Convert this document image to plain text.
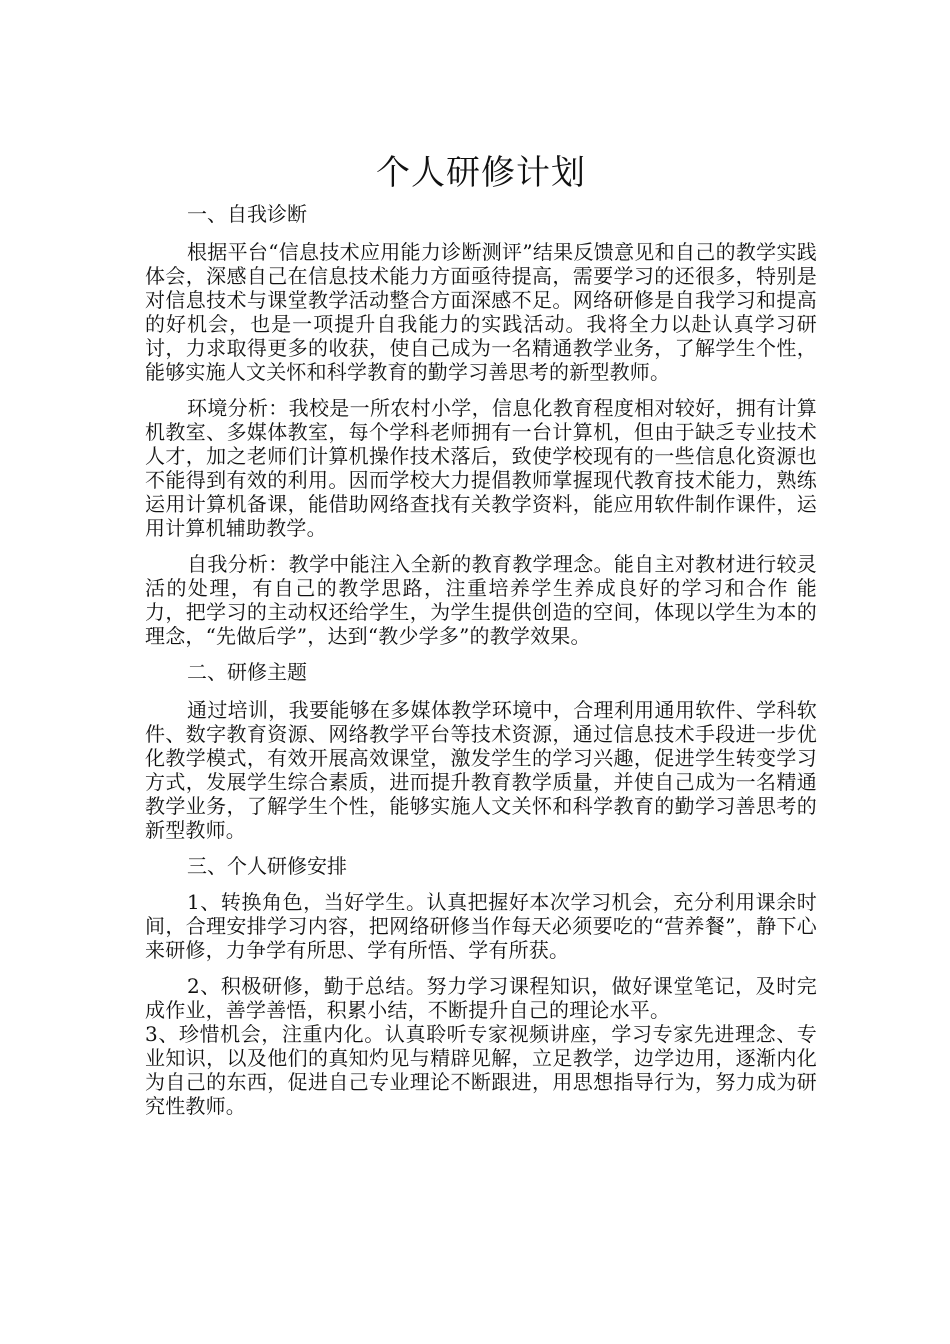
个人研修计划
一、自我诊断

根据平台“信息技术应用能力诊断测评”结果反馈意见和自己的教学实践体会，深感自己在信息技术能力方面亟待提高，需要学习的还很多，特别是对信息技术与课堂教学活动整合方面深感不足。网络研修是自我学习和提高的好机会，也是一项提升自我能力的实践活动。我将全力以赴认真学习研讨，力求取得更多的收获，使自己成为一名精通教学业务，了解学生个性，能够实施人文关怀和科学教育的勤学习善思考的新型教师。

环境分析：我校是一所农村小学，信息化教育程度相对较好，拥有计算机教室、多媒体教室，每个学科老师拥有一台计算机，但由于缺乏专业技术人才，加之老师们计算机操作技术落后，致使学校现有的一些信息化资源也不能得到有效的利用。因而学校大力提倡教师掌握现代教育技术能力，熟练运用计算机备课，能借助网络查找有关教学资料，能应用软件制作课件，运用计算机辅助教学。

自我分析：教学中能注入全新的教育教学理念。能自主对教材进行较灵活的处理，有自己的教学思路，注重培养学生养成良好的学习和合作 能力，把学习的主动权还给学生，为学生提供创造的空间，体现以学生为本的理念，“先做后学”，达到“教少学多”的教学效果。

二、研修主题

通过培训，我要能够在多媒体教学环境中，合理利用通用软件、学科软件、数字教育资源、网络教学平台等技术资源，通过信息技术手段进一步优化教学模式，有效开展高效课堂，激发学生的学习兴趣，促进学生转变学习方式，发展学生综合素质，进而提升教育教学质量，并使自己成为一名精通教学业务，了解学生个性，能够实施人文关怀和科学教育的勤学习善思考的新型教师。

三、个人研修安排

1、转换角色，当好学生。认真把握好本次学习机会，充分利用课余时间，合理安排学习内容，把网络研修当作每天必须要吃的“营养餐”，静下心来研修，力争学有所思、学有所悟、学有所获。

2、积极研修，勤于总结。努力学习课程知识，做好课堂笔记，及时完成作业，善学善悟，积累小结，不断提升自己的理论水平。

3、珍惜机会，注重内化。认真聆听专家视频讲座，学习专家先进理念、专业知识，以及他们的真知灼见与精辟见解，立足教学，边学边用，逐渐内化为自己的东西，促进自己专业理论不断跟进，用思想指导行为，努力成为研究性教师。
